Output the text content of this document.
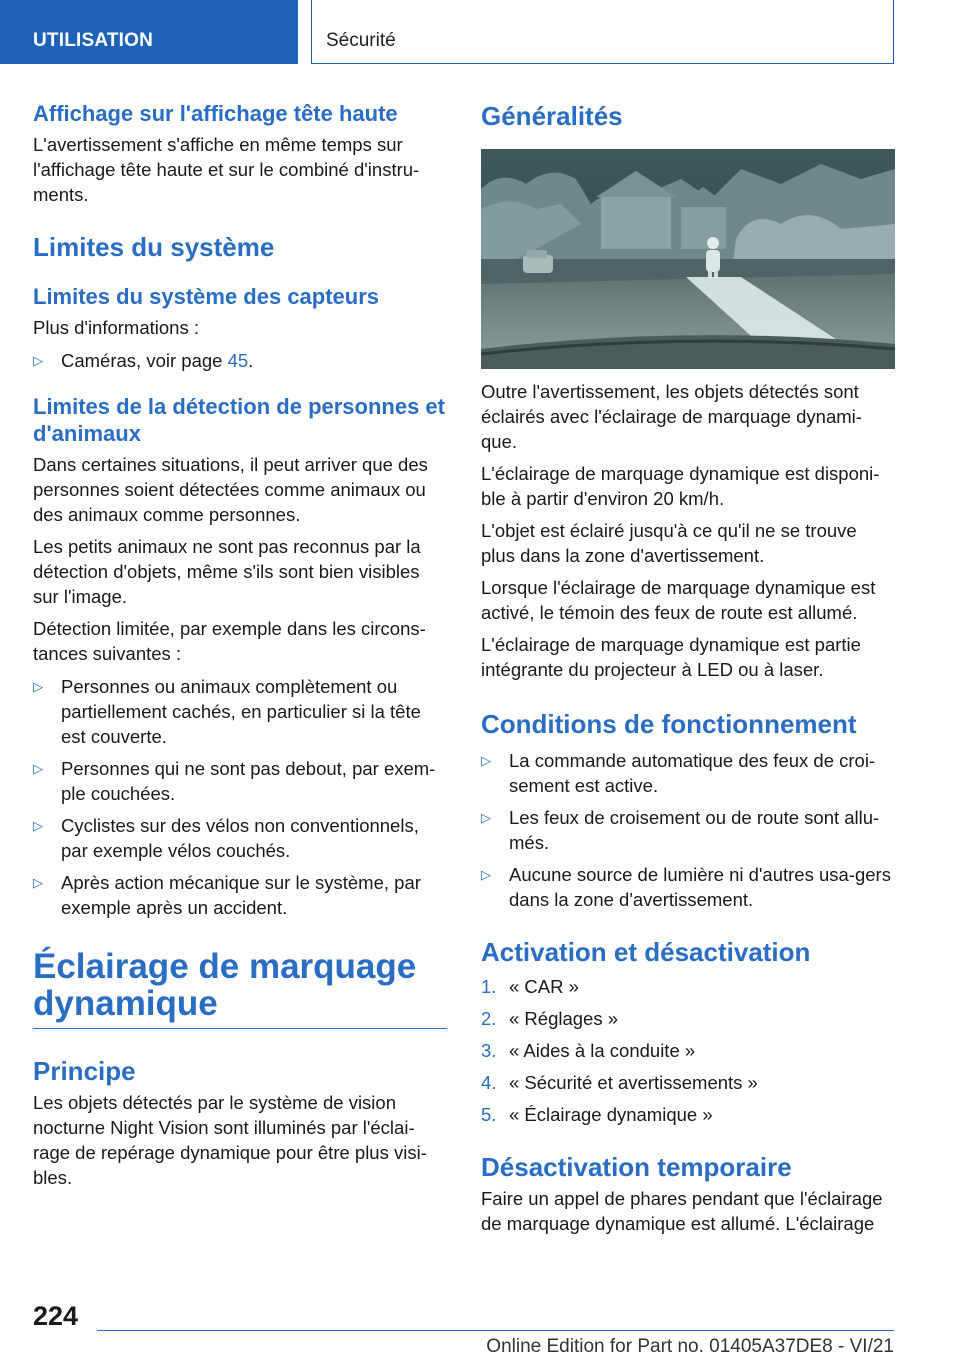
UTILISATION	Sécurité
Affichage sur l'affichage tête haute

L'avertissement s'affiche en même temps sur l'affichage tête haute et sur le combiné d'instru-ments.

Limites du système
Limites du système des capteurs

Plus d'informations :

▷ Caméras, voir page 45.
Limites de la détection de personnes et d'animaux

Dans certaines situations, il peut arriver que des personnes soient détectées comme animaux ou des animaux comme personnes.

Les petits animaux ne sont pas reconnus par la détection d'objets, même s'ils sont bien visibles sur l'image.

Détection limitée, par exemple dans les circons-tances suivantes :

▷ Personnes ou animaux complètement ou partiellement cachés, en particulier si la tête est couverte.
▷ Personnes qui ne sont pas debout, par exem-ple couchées.
▷ Cyclistes sur des vélos non conventionnels, par exemple vélos couchés.
▷ Après action mécanique sur le système, par exemple après un accident.
Éclairage de marquage dynamique
Principe

Les objets détectés par le système de vision nocturne Night Vision sont illuminés par l'éclai-rage de repérage dynamique pour être plus visi-bles.

Généralités

Outre l'avertissement, les objets détectés sont éclairés avec l'éclairage de marquage dynami-que.

L'éclairage de marquage dynamique est disponi-ble à partir d'environ 20 km/h.

L'objet est éclairé jusqu'à ce qu'il ne se trouve plus dans la zone d'avertissement.

Lorsque l'éclairage de marquage dynamique est activé, le témoin des feux de route est allumé.

L'éclairage de marquage dynamique est partie intégrante du projecteur à LED ou à laser.

Conditions de fonctionnement
▷ La commande automatique des feux de croi-sement est active.
▷ Les feux de croisement ou de route sont allu-més.
▷ Aucune source de lumière ni d'autres usa-gers dans la zone d'avertissement.
Activation et désactivation
1. « CAR »
2. « Réglages »
3. « Aides à la conduite »
4. « Sécurité et avertissements »
5. « Éclairage dynamique »
Désactivation temporaire

Faire un appel de phares pendant que l'éclairage de marquage dynamique est allumé. L'éclairage

224
Online Edition for Part no. 01405A37DE8 - VI/21
